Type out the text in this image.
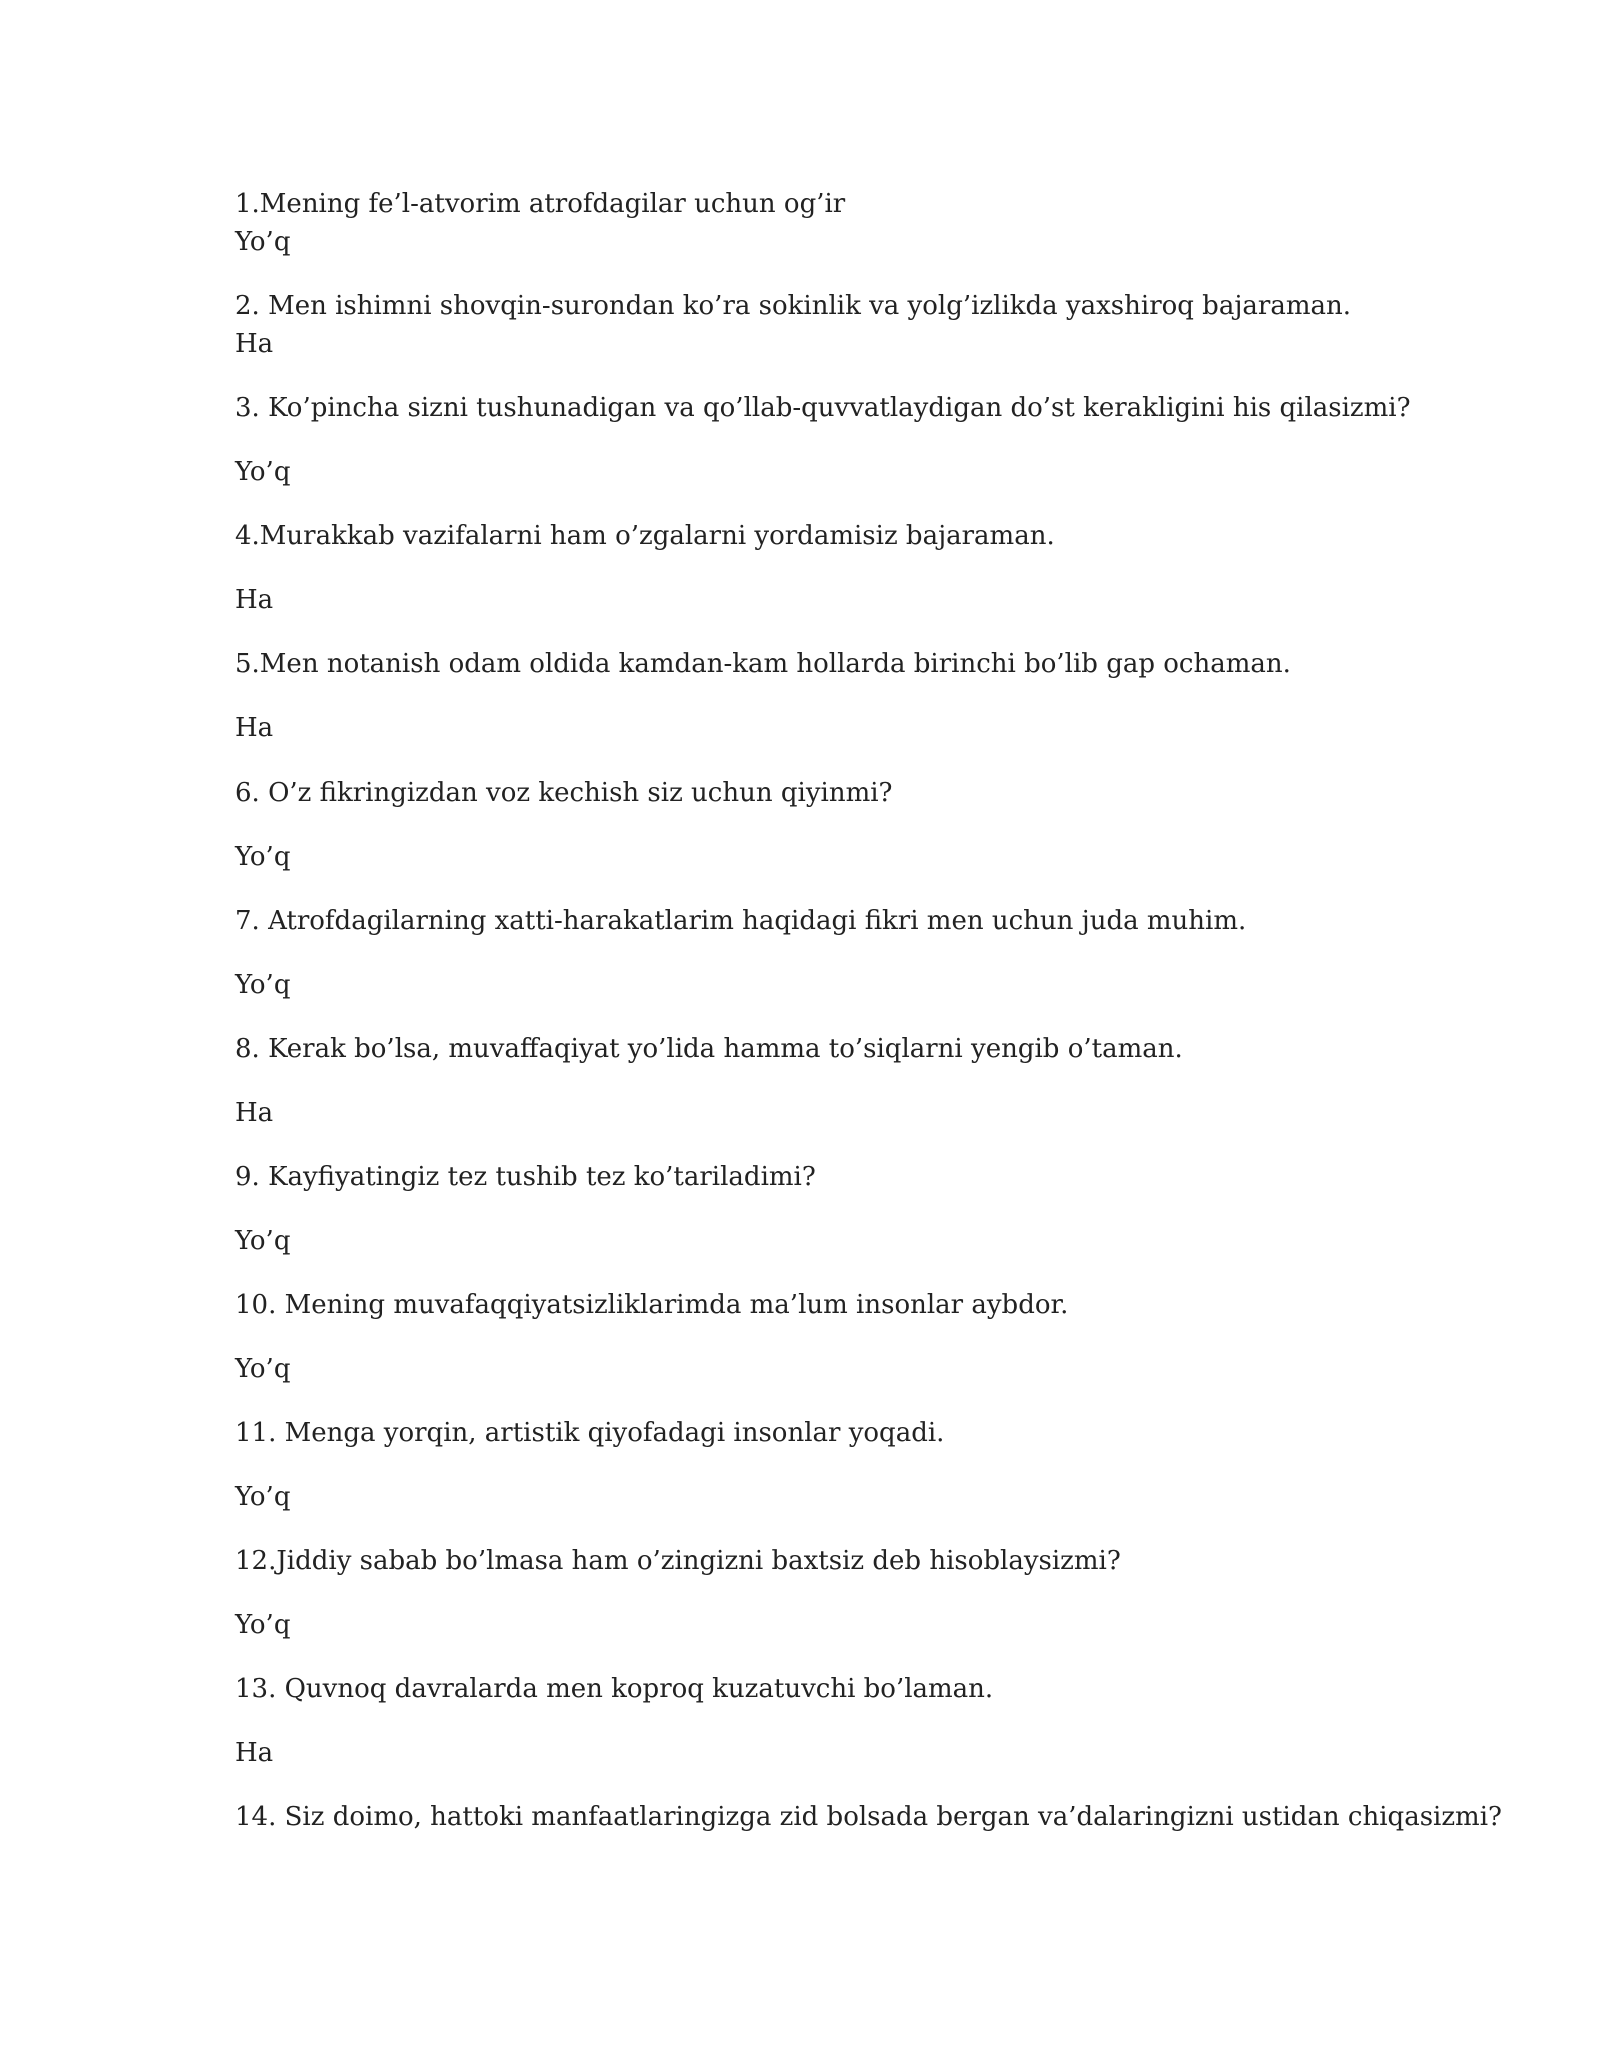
1.Mening fe’l-atvorim atrofdagilar uchun og’ir

Yo’q

2. Men ishimni shovqin-surondan ko’ra sokinlik va yolg’izlikda yaxshiroq bajaraman.

Ha

3. Ko’pincha sizni tushunadigan va qo’llab-quvvatlaydigan do’st kerakligini his qilasizmi?

Yo’q

4.Murakkab vazifalarni ham o’zgalarni yordamisiz bajaraman.

Ha

5.Men notanish odam oldida kamdan-kam hollarda birinchi bo’lib gap ochaman.

Ha

6. O’z fikringizdan voz kechish siz uchun qiyinmi?

Yo’q

7. Atrofdagilarning xatti-harakatlarim haqidagi fikri men uchun juda muhim.

Yo’q

8. Kerak bo’lsa, muvaffaqiyat yo’lida hamma to’siqlarni yengib o’taman.

Ha

9. Kayfiyatingiz tez tushib tez ko’tariladimi?

Yo’q

10. Mening muvafaqqiyatsizliklarimda ma’lum insonlar aybdor.

Yo’q

11. Menga yorqin, artistik qiyofadagi insonlar yoqadi.

Yo’q

12.Jiddiy sabab bo’lmasa ham o’zingizni baxtsiz deb hisoblaysizmi?

Yo’q

13. Quvnoq davralarda men koproq kuzatuvchi bo’laman.

Ha

14. Siz doimo, hattoki manfaatlaringizga zid bolsada bergan va’dalaringizni ustidan chiqasizmi?
